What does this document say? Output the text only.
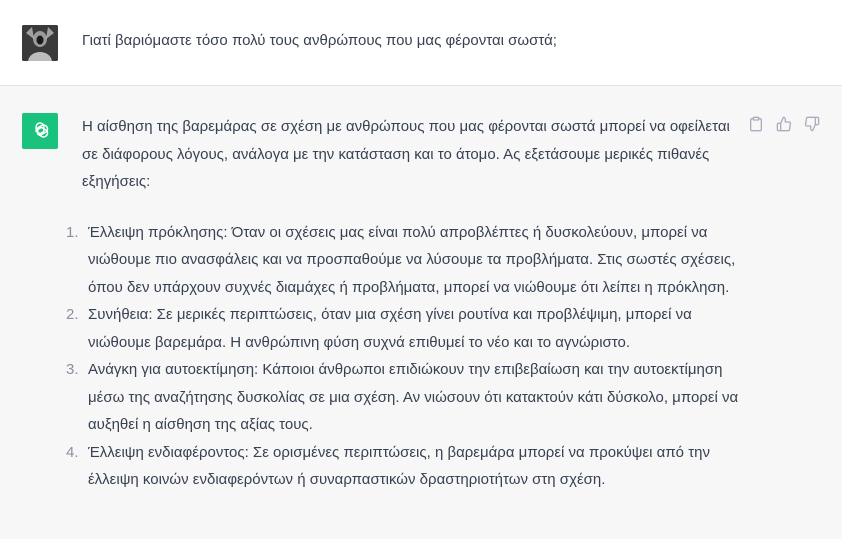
Γιατί βαριόμαστε τόσο πολύ τους ανθρώπους που μας φέρονται σωστά;

Η αίσθηση της βαρεμάρας σε σχέση με ανθρώπους που μας φέρονται σωστά μπορεί να οφείλεται σε διάφορους λόγους, ανάλογα με την κατάσταση και το άτομο. Ας εξετάσουμε μερικές πιθανές εξηγήσεις:

1. Έλλειψη πρόκλησης: Όταν οι σχέσεις μας είναι πολύ απροβλέπτες ή δυσκολεύουν, μπορεί να νιώθουμε πιο ανασφάλεις και να προσπαθούμε να λύσουμε τα προβλήματα. Στις σωστές σχέσεις, όπου δεν υπάρχουν συχνές διαμάχες ή προβλήματα, μπορεί να νιώθουμε ότι λείπει η πρόκληση.
2. Συνήθεια: Σε μερικές περιπτώσεις, όταν μια σχέση γίνει ρουτίνα και προβλέψιμη, μπορεί να νιώθουμε βαρεμάρα. Η ανθρώπινη φύση συχνά επιθυμεί το νέο και το αγνώριστο.
3. Ανάγκη για αυτοεκτίμηση: Κάποιοι άνθρωποι επιδιώκουν την επιβεβαίωση και την αυτοεκτίμηση μέσω της αναζήτησης δυσκολίας σε μια σχέση. Αν νιώσουν ότι κατακτούν κάτι δύσκολο, μπορεί να αυξηθεί η αίσθηση της αξίας τους.
4. Έλλειψη ενδιαφέροντος: Σε ορισμένες περιπτώσεις, η βαρεμάρα μπορεί να προκύψει από την έλλειψη κοινών ενδιαφερόντων ή συναρπαστικών δραστηριοτήτων στη σχέση.
